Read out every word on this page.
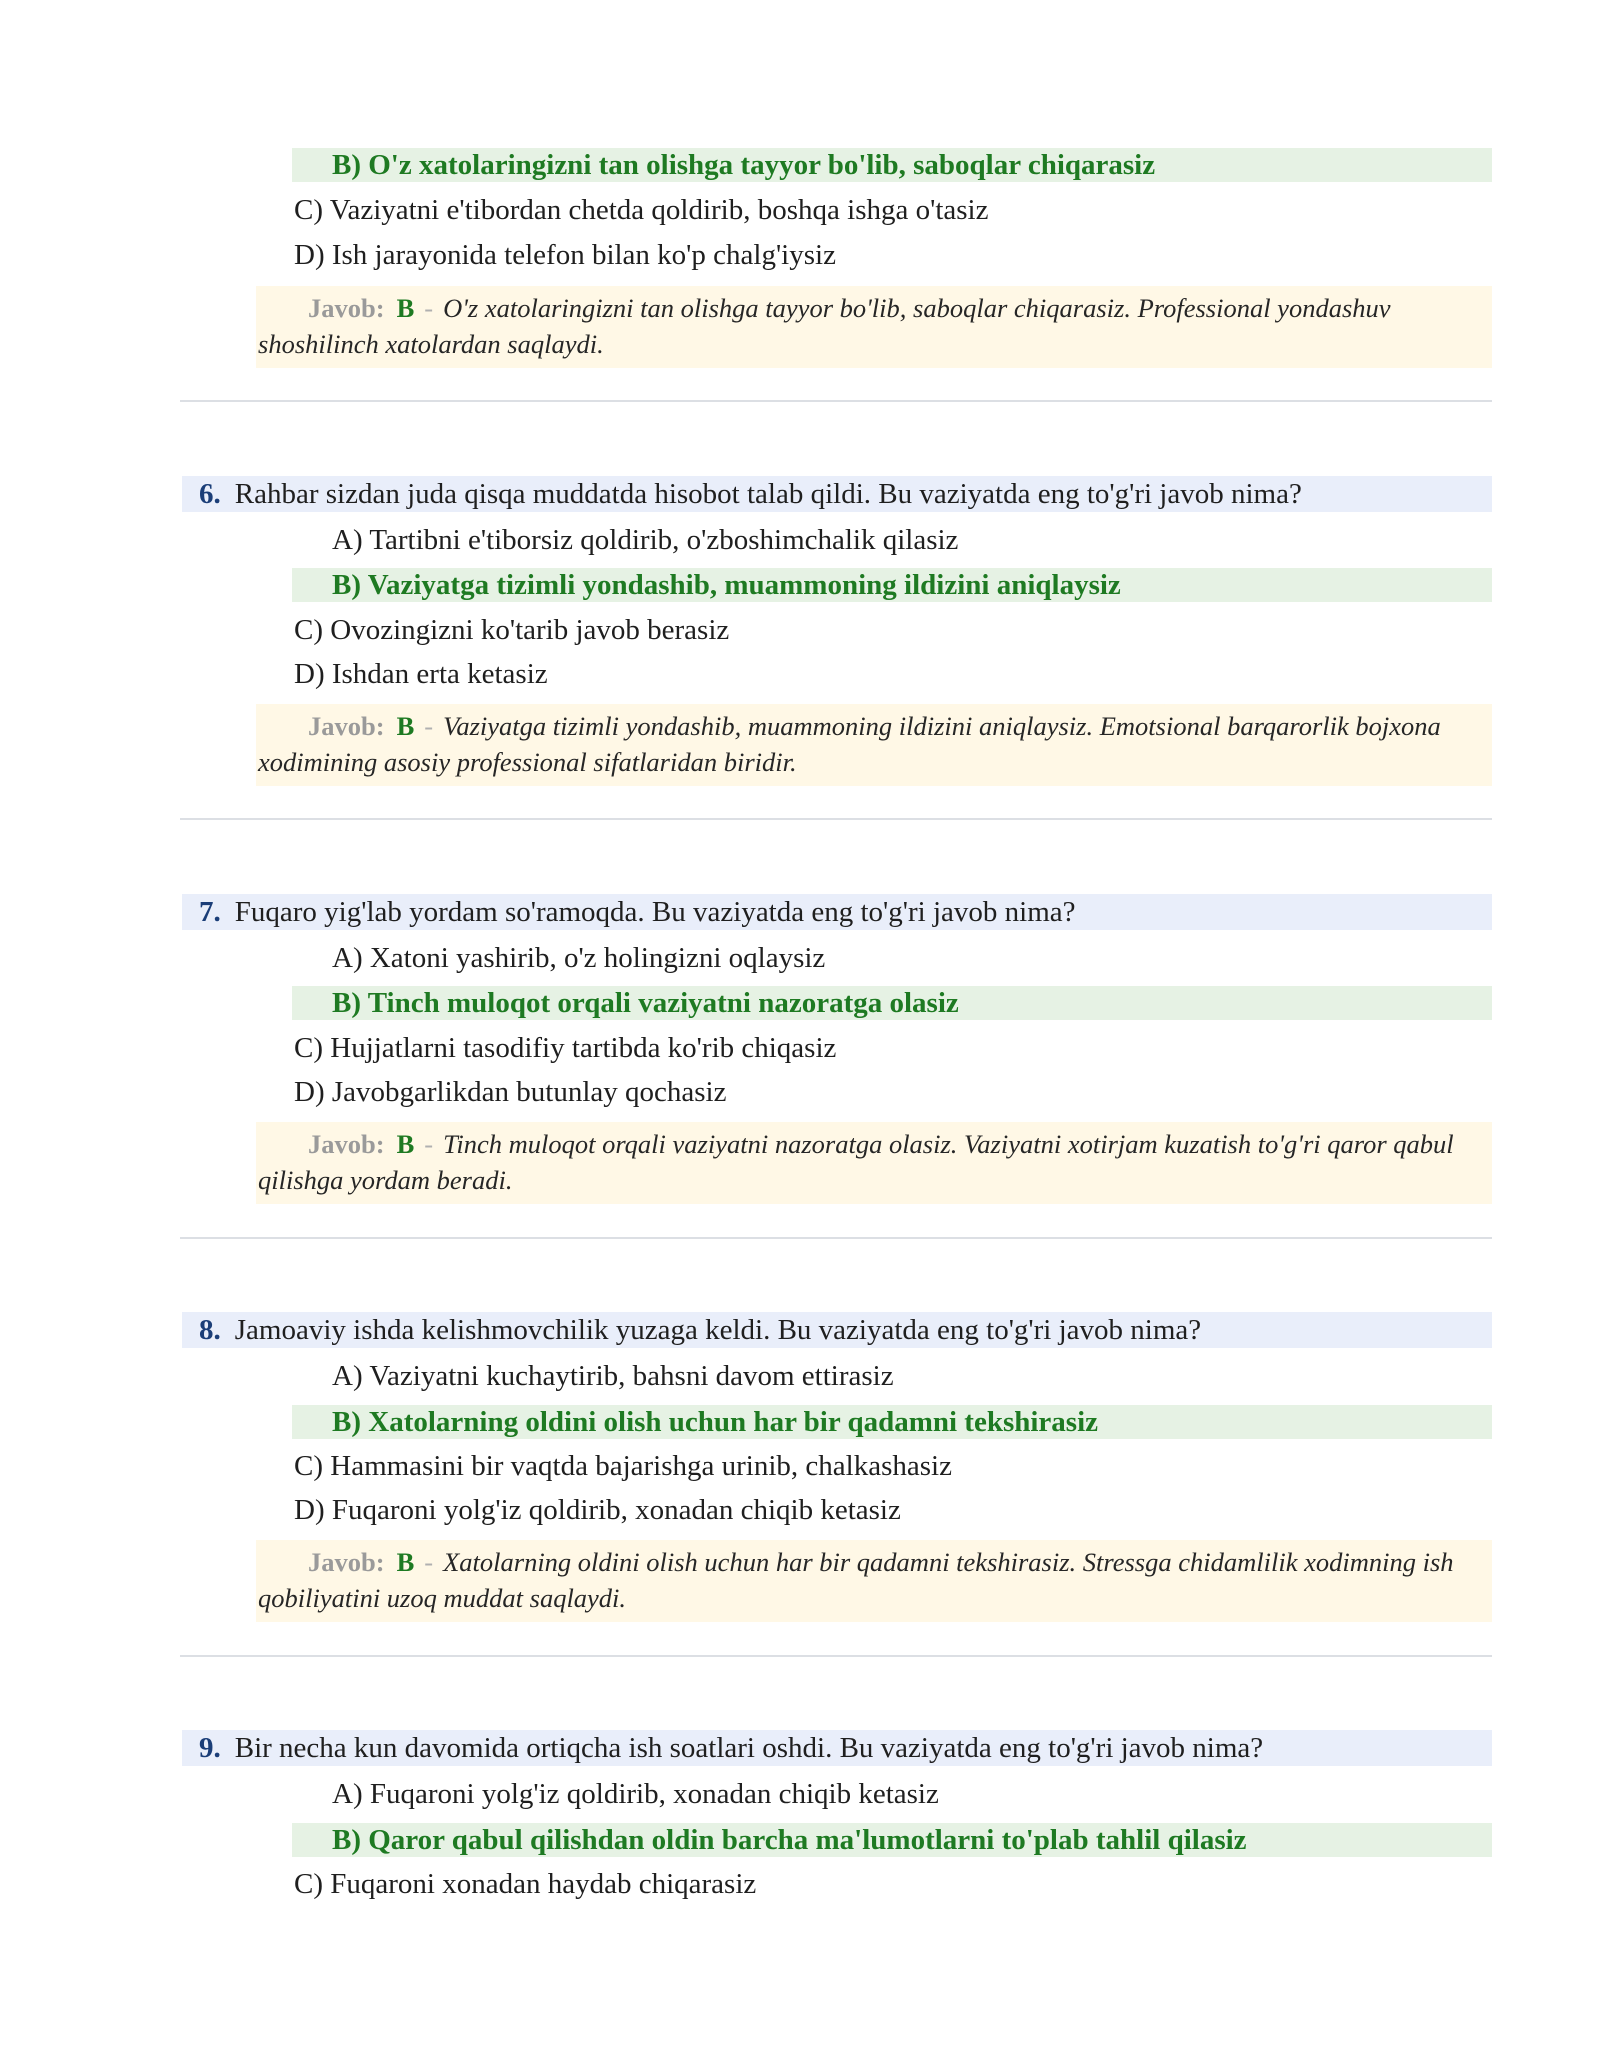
B) O'z xatolaringizni tan olishga tayyor bo'lib, saboqlar chiqarasiz
C) Vaziyatni e'tibordan chetda qoldirib, boshqa ishga o'tasiz
D) Ish jarayonida telefon bilan ko'p chalg'iysiz
Javob: B - O'z xatolaringizni tan olishga tayyor bo'lib, saboqlar chiqarasiz. Professional yondashuv shoshilinch xatolardan saqlaydi.
6. Rahbar sizdan juda qisqa muddatda hisobot talab qildi. Bu vaziyatda eng to'g'ri javob nima?
A) Tartibni e'tiborsiz qoldirib, o'zboshimchalik qilasiz
B) Vaziyatga tizimli yondashib, muammoning ildizini aniqlaysiz
C) Ovozingizni ko'tarib javob berasiz
D) Ishdan erta ketasiz
Javob: B - Vaziyatga tizimli yondashib, muammoning ildizini aniqlaysiz. Emotsional barqarorlik bojxona xodimining asosiy professional sifatlaridan biridir.
7. Fuqaro yig'lab yordam so'ramoqda. Bu vaziyatda eng to'g'ri javob nima?
A) Xatoni yashirib, o'z holingizni oqlaysiz
B) Tinch muloqot orqali vaziyatni nazoratga olasiz
C) Hujjatlarni tasodifiy tartibda ko'rib chiqasiz
D) Javobgarlikdan butunlay qochasiz
Javob: B - Tinch muloqot orqali vaziyatni nazoratga olasiz. Vaziyatni xotirjam kuzatish to'g'ri qaror qabul qilishga yordam beradi.
8. Jamoaviy ishda kelishmovchilik yuzaga keldi. Bu vaziyatda eng to'g'ri javob nima?
A) Vaziyatni kuchaytirib, bahsni davom ettirasiz
B) Xatolarning oldini olish uchun har bir qadamni tekshirasiz
C) Hammasini bir vaqtda bajarishga urinib, chalkashasiz
D) Fuqaroni yolg'iz qoldirib, xonadan chiqib ketasiz
Javob: B - Xatolarning oldini olish uchun har bir qadamni tekshirasiz. Stressga chidamlilik xodimning ish qobiliyatini uzoq muddat saqlaydi.
9. Bir necha kun davomida ortiqcha ish soatlari oshdi. Bu vaziyatda eng to'g'ri javob nima?
A) Fuqaroni yolg'iz qoldirib, xonadan chiqib ketasiz
B) Qaror qabul qilishdan oldin barcha ma'lumotlarni to'plab tahlil qilasiz
C) Fuqaroni xonadan haydab chiqarasiz
